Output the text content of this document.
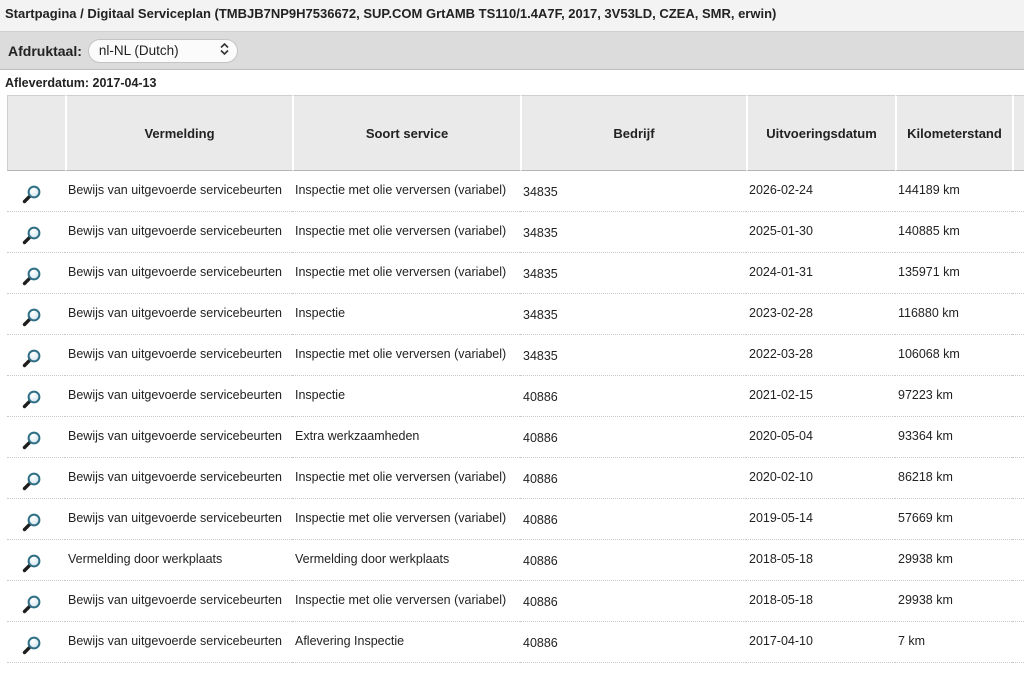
Startpagina / Digitaal Serviceplan (TMBJB7NP9H7536672, SUP.COM GrtAMB TS110/1.4A7F, 2017, 3V53LD, CZEA, SMR, erwin)
Afdruktaal: nl-NL (Dutch)
Afleverdatum: 2017-04-13
	Vermelding	Soort service	Bedrijf	Uitvoeringsdatum	Kilometerstand	
	Bewijs van uitgevoerde servicebeurten	Inspectie met olie verversen (variabel)	34835	2026-02-24	144189 km	
	Bewijs van uitgevoerde servicebeurten	Inspectie met olie verversen (variabel)	34835	2025-01-30	140885 km	
	Bewijs van uitgevoerde servicebeurten	Inspectie met olie verversen (variabel)	34835	2024-01-31	135971 km	
	Bewijs van uitgevoerde servicebeurten	Inspectie	34835	2023-02-28	116880 km	
	Bewijs van uitgevoerde servicebeurten	Inspectie met olie verversen (variabel)	34835	2022-03-28	106068 km	
	Bewijs van uitgevoerde servicebeurten	Inspectie	40886	2021-02-15	97223 km	
	Bewijs van uitgevoerde servicebeurten	Extra werkzaamheden	40886	2020-05-04	93364 km	
	Bewijs van uitgevoerde servicebeurten	Inspectie met olie verversen (variabel)	40886	2020-02-10	86218 km	
	Bewijs van uitgevoerde servicebeurten	Inspectie met olie verversen (variabel)	40886	2019-05-14	57669 km	
	Vermelding door werkplaats	Vermelding door werkplaats	40886	2018-05-18	29938 km	
	Bewijs van uitgevoerde servicebeurten	Inspectie met olie verversen (variabel)	40886	2018-05-18	29938 km	
	Bewijs van uitgevoerde servicebeurten	Aflevering Inspectie	40886	2017-04-10	7 km	
